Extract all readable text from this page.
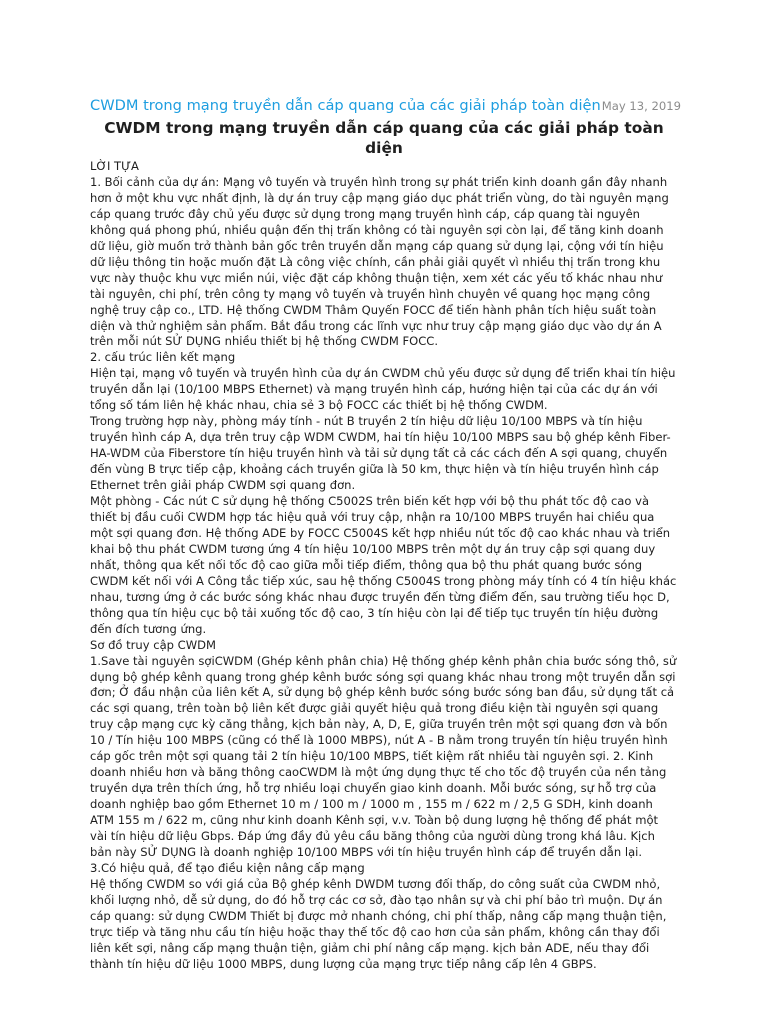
CWDM trong mạng truyền dẫn cáp quang của các giải pháp toàn diệnMay 13, 2019
CWDM trong mạng truyền dẫn cáp quang của các giải pháp toàn diện

LỜI TỰA

1. Bối cảnh của dự án: Mạng vô tuyến và truyền hình trong sự phát triển kinh doanh gần đây nhanh hơn ở một khu vực nhất định, là dự án truy cập mạng giáo dục phát triển vùng, do tài nguyên mạng cáp quang trước đây chủ yếu được sử dụng trong mạng truyền hình cáp, cáp quang tài nguyên không quá phong phú, nhiều quận đến thị trấn không có tài nguyên sợi còn lại, để tăng kinh doanh dữ liệu, giờ muốn trở thành bản gốc trên truyền dẫn mạng cáp quang sử dụng lại, cộng với tín hiệu dữ liệu thông tin hoặc muốn đặt Là công việc chính, cần phải giải quyết vì nhiều thị trấn trong khu vực này thuộc khu vực miền núi, việc đặt cáp không thuận tiện, xem xét các yếu tố khác nhau như tài nguyên, chi phí, trên công ty mạng vô tuyến và truyền hình chuyên về quang học mạng công nghệ truy cập co., LTD. Hệ thống CWDM Thâm Quyến FOCC để tiến hành phân tích hiệu suất toàn diện và thử nghiệm sản phẩm. Bắt đầu trong các lĩnh vực như truy cập mạng giáo dục vào dự án A trên mỗi nút SỬ DỤNG nhiều thiết bị hệ thống CWDM FOCC.

2. cấu trúc liên kết mạng

Hiện tại, mạng vô tuyến và truyền hình của dự án CWDM chủ yếu được sử dụng để triển khai tín hiệu truyền dẫn lại (10/100 MBPS Ethernet) và mạng truyền hình cáp, hướng hiện tại của các dự án với tổng số tám liên hệ khác nhau, chia sẻ 3 bộ FOCC các thiết bị hệ thống CWDM.

Trong trường hợp này, phòng máy tính - nút B truyền 2 tín hiệu dữ liệu 10/100 MBPS và tín hiệu truyền hình cáp A, dựa trên truy cập WDM CWDM, hai tín hiệu 10/100 MBPS sau bộ ghép kênh Fiber-HA-WDM của Fiberstore tín hiệu truyền hình và tải sử dụng tất cả các cách đến A sợi quang, chuyển đến vùng B trực tiếp cập, khoảng cách truyền giữa là 50 km, thực hiện và tín hiệu truyền hình cáp Ethernet trên giải pháp CWDM sợi quang đơn.

Một phòng - Các nút C sử dụng hệ thống C5002S trên biến kết hợp với bộ thu phát tốc độ cao và thiết bị đầu cuối CWDM hợp tác hiệu quả với truy cập, nhận ra 10/100 MBPS truyền hai chiều qua một sợi quang đơn. Hệ thống ADE by FOCC C5004S kết hợp nhiều nút tốc độ cao khác nhau và triển khai bộ thu phát CWDM tương ứng 4 tín hiệu 10/100 MBPS trên một dự án truy cập sợi quang duy nhất, thông qua kết nối tốc độ cao giữa mỗi tiếp điểm, thông qua bộ thu phát quang bước sóng CWDM kết nối với A Công tắc tiếp xúc, sau hệ thống C5004S trong phòng máy tính có 4 tín hiệu khác nhau, tương ứng ở các bước sóng khác nhau được truyền đến từng điểm đến, sau trường tiểu học D, thông qua tín hiệu cục bộ tải xuống tốc độ cao, 3 tín hiệu còn lại để tiếp tục truyền tín hiệu đường đến đích tương ứng.

Sơ đồ truy cập CWDM

1.Save tài nguyên sợiCWDM (Ghép kênh phân chia) Hệ thống ghép kênh phân chia bước sóng thô, sử dụng bộ ghép kênh quang trong ghép kênh bước sóng sợi quang khác nhau trong một truyền dẫn sợi đơn; Ở đầu nhận của liên kết A, sử dụng bộ ghép kênh bước sóng bước sóng ban đầu, sử dụng tất cả các sợi quang, trên toàn bộ liên kết được giải quyết hiệu quả trong điều kiện tài nguyên sợi quang truy cập mạng cực kỳ căng thẳng, kịch bản này, A, D, E, giữa truyền trên một sợi quang đơn và bốn 10 / Tín hiệu 100 MBPS (cũng có thể là 1000 MBPS), nút A - B nằm trong truyền tín hiệu truyền hình cáp gốc trên một sợi quang tải 2 tín hiệu 10/100 MBPS, tiết kiệm rất nhiều tài nguyên sợi. 2. Kinh doanh nhiều hơn và băng thông caoCWDM là một ứng dụng thực tế cho tốc độ truyền của nền tảng truyền dựa trên thích ứng, hỗ trợ nhiều loại chuyển giao kinh doanh. Mỗi bước sóng, sự hỗ trợ của doanh nghiệp bao gồm Ethernet 10 m / 100 m / 1000 m , 155 m / 622 m / 2,5 G SDH, kinh doanh ATM 155 m / 622 m, cũng như kinh doanh Kênh sợi, v.v. Toàn bộ dung lượng hệ thống để phát một vài tín hiệu dữ liệu Gbps. Đáp ứng đầy đủ yêu cầu băng thông của người dùng trong khá lâu. Kịch bản này SỬ DỤNG là doanh nghiệp 10/100 MBPS với tín hiệu truyền hình cáp để truyền dẫn lại.

3.Có hiệu quả, để tạo điều kiện nâng cấp mạng

Hệ thống CWDM so với giá của Bộ ghép kênh DWDM tương đối thấp, do công suất của CWDM nhỏ, khối lượng nhỏ, dễ sử dụng, do đó hỗ trợ các cơ sở, đào tạo nhân sự và chi phí bảo trì muộn. Dự án cáp quang: sử dụng CWDM Thiết bị được mở nhanh chóng, chi phí thấp, nâng cấp mạng thuận tiện, trực tiếp và tăng nhu cầu tín hiệu hoặc thay thế tốc độ cao hơn của sản phẩm, không cần thay đổi liên kết sợi, nâng cấp mạng thuận tiện, giảm chi phí nâng cấp mạng. kịch bản ADE, nếu thay đổi thành tín hiệu dữ liệu 1000 MBPS, dung lượng của mạng trực tiếp nâng cấp lên 4 GBPS.
